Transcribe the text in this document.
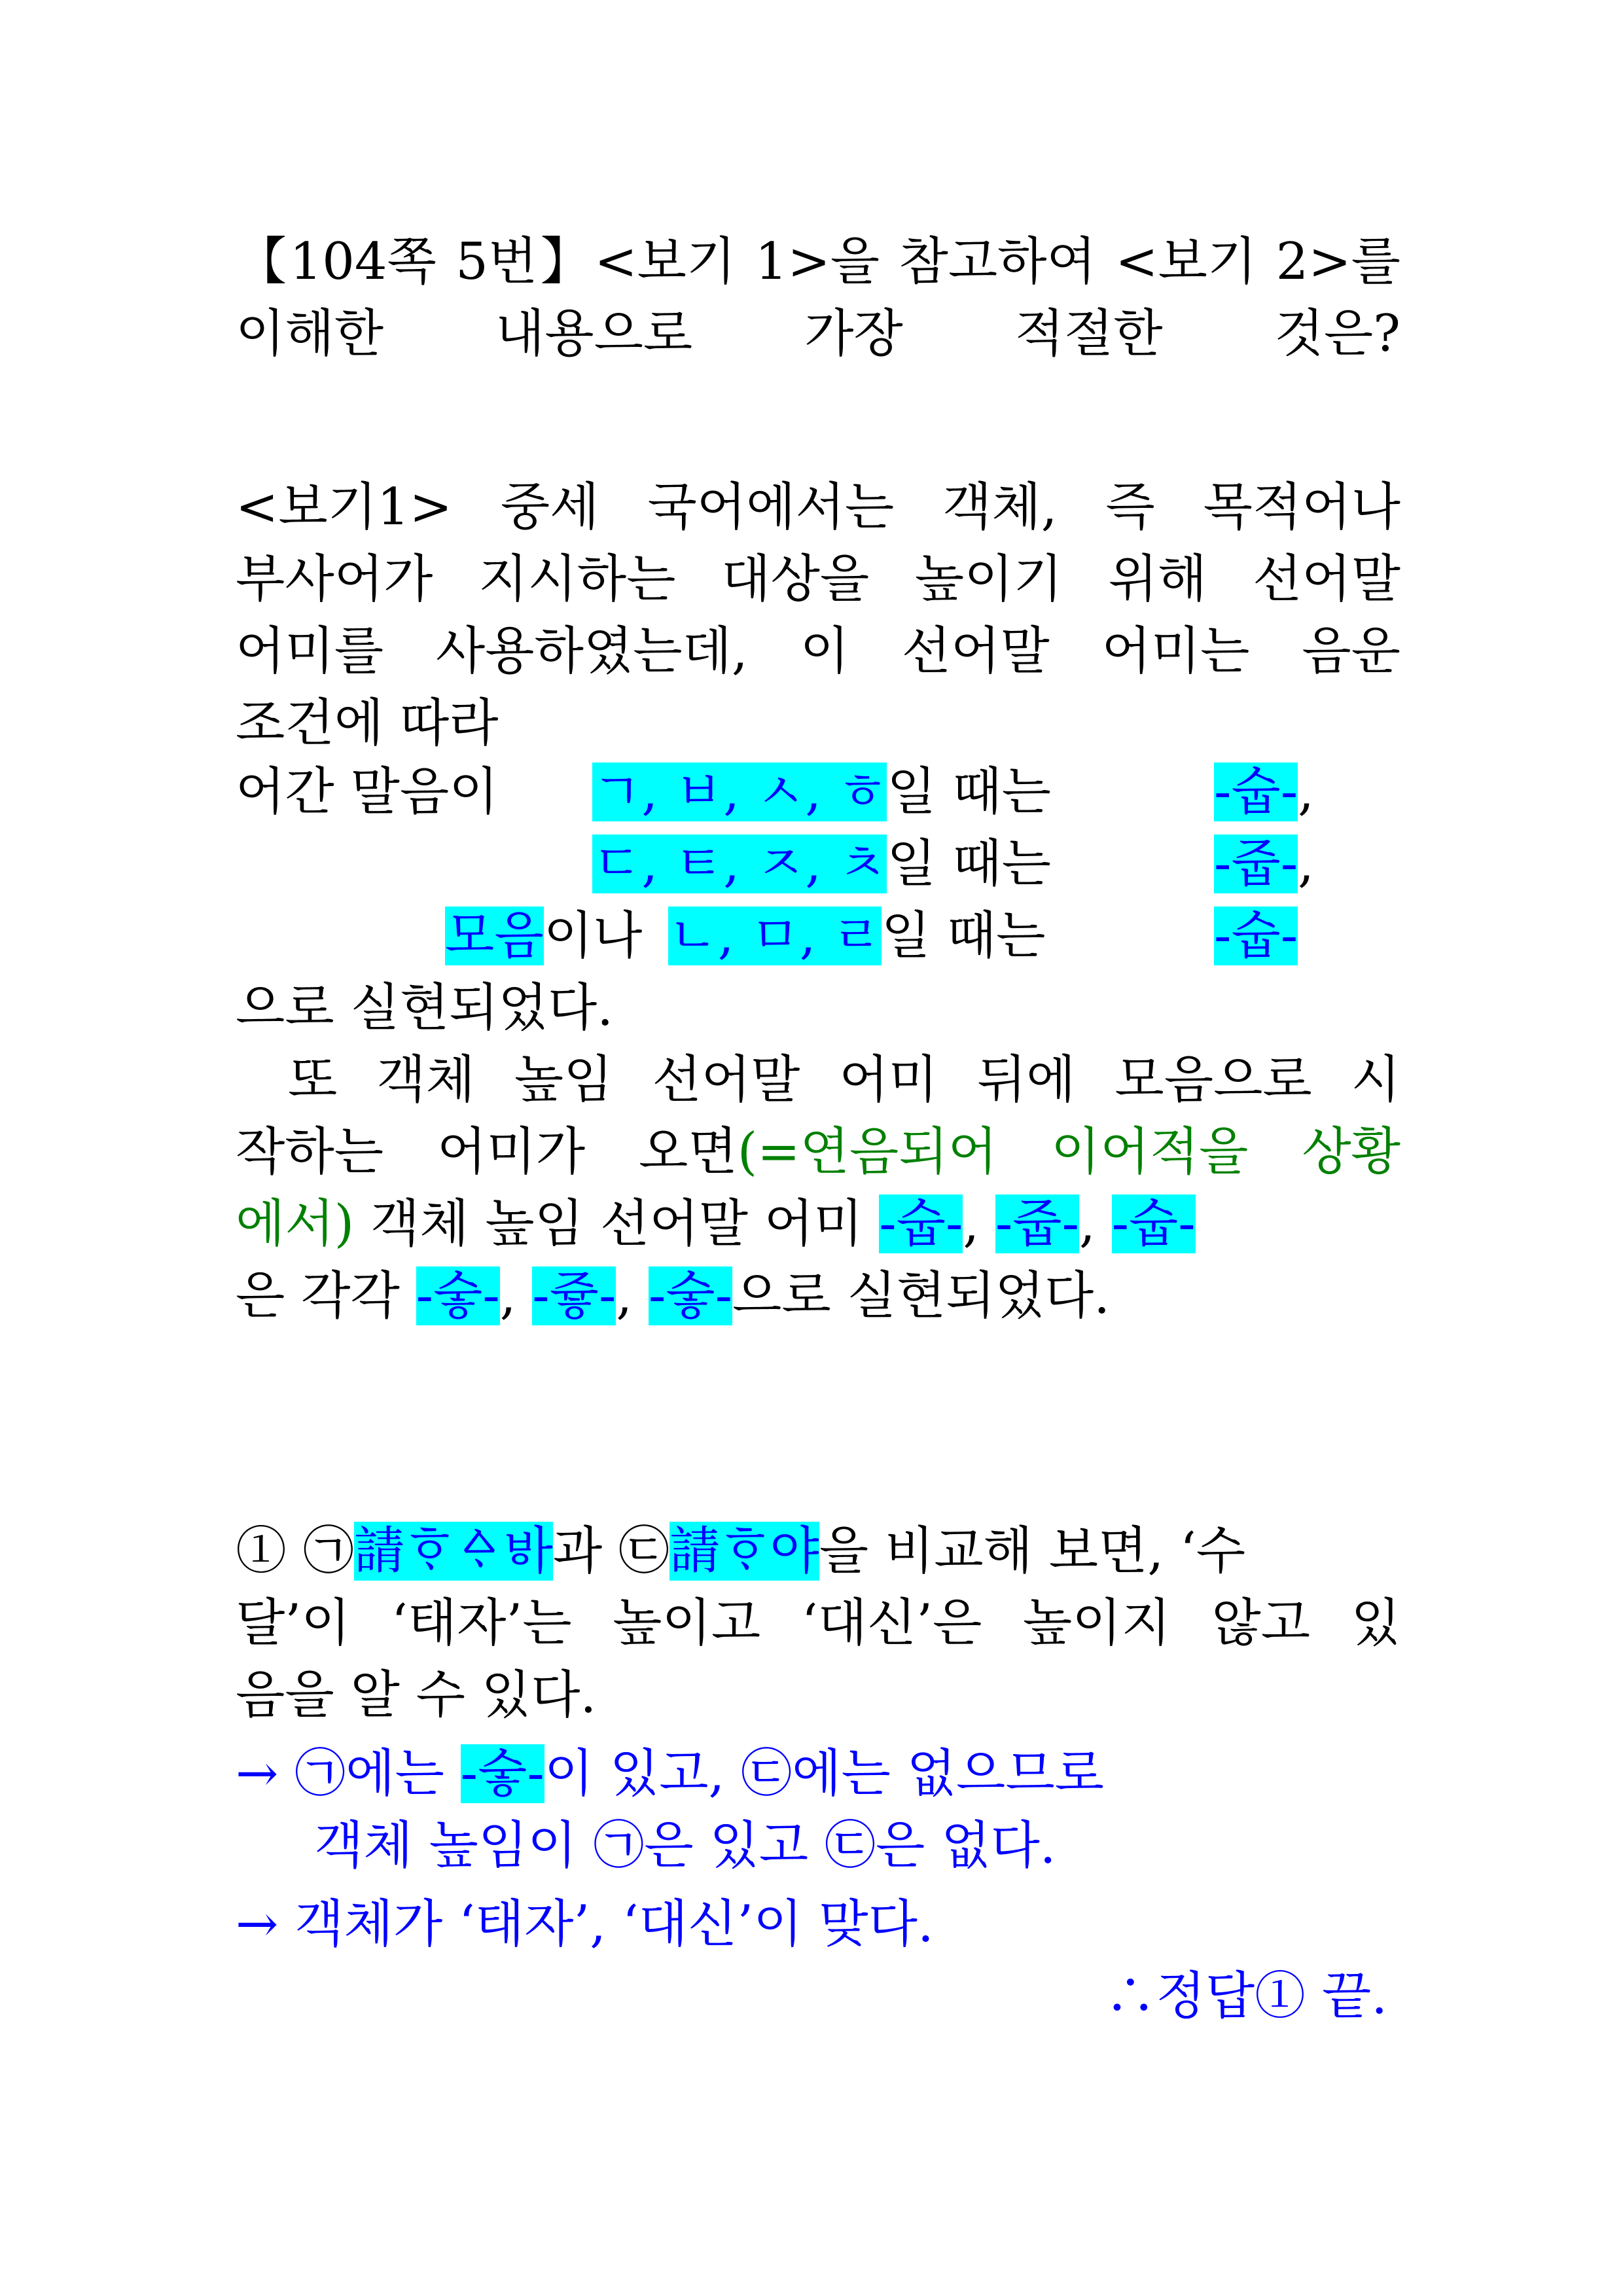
【104쪽 5번】<보기 1>을 참고하여 <보기 2>를
이해한 내용으로 가장 적절한 것은?
<보기1> 중세 국어에서는 객체, 즉 목적어나
부사어가 지시하는 대상을 높이기 위해 선어말
어미를 사용하였는데, 이 선어말 어미는 음운
조건에 따라
어간 말음이 ㄱ, ㅂ, ㅅ, ㅎ일 때는	-숩-,
ㄷ, ㅌ, ㅈ, ㅊ일 때는	-줍-,
모음이나 ㄴ, ㅁ, ㄹ일 때는	-숩-
으로 실현되었다.
또 객체 높임 선어말 어미 뒤에 모음으로 시
작하는 어미가 오면(=연음되어 이어적을 상황
에서) 객체 높임 선어말 어미 -숩-, -줍-, -숩-
은 각각 -숳-, -즇-, -숳-으로 실현되었다.
① ㉠請ᄒᆞᅀᆞᄫᅡ과 ㉢請ᄒᆞ야을 비교해 보면, ‘수
달’이 ‘태자’는 높이고 ‘대신’은 높이지 않고 있
음을 알 수 있다.
→ ㉠에는 -숳-이 있고, ㉢에는 없으므로
객체 높임이 ㉠은 있고 ㉢은 없다.
→ 객체가 ‘태자’, ‘대신’이 맞다.
∴정답① 끝.
